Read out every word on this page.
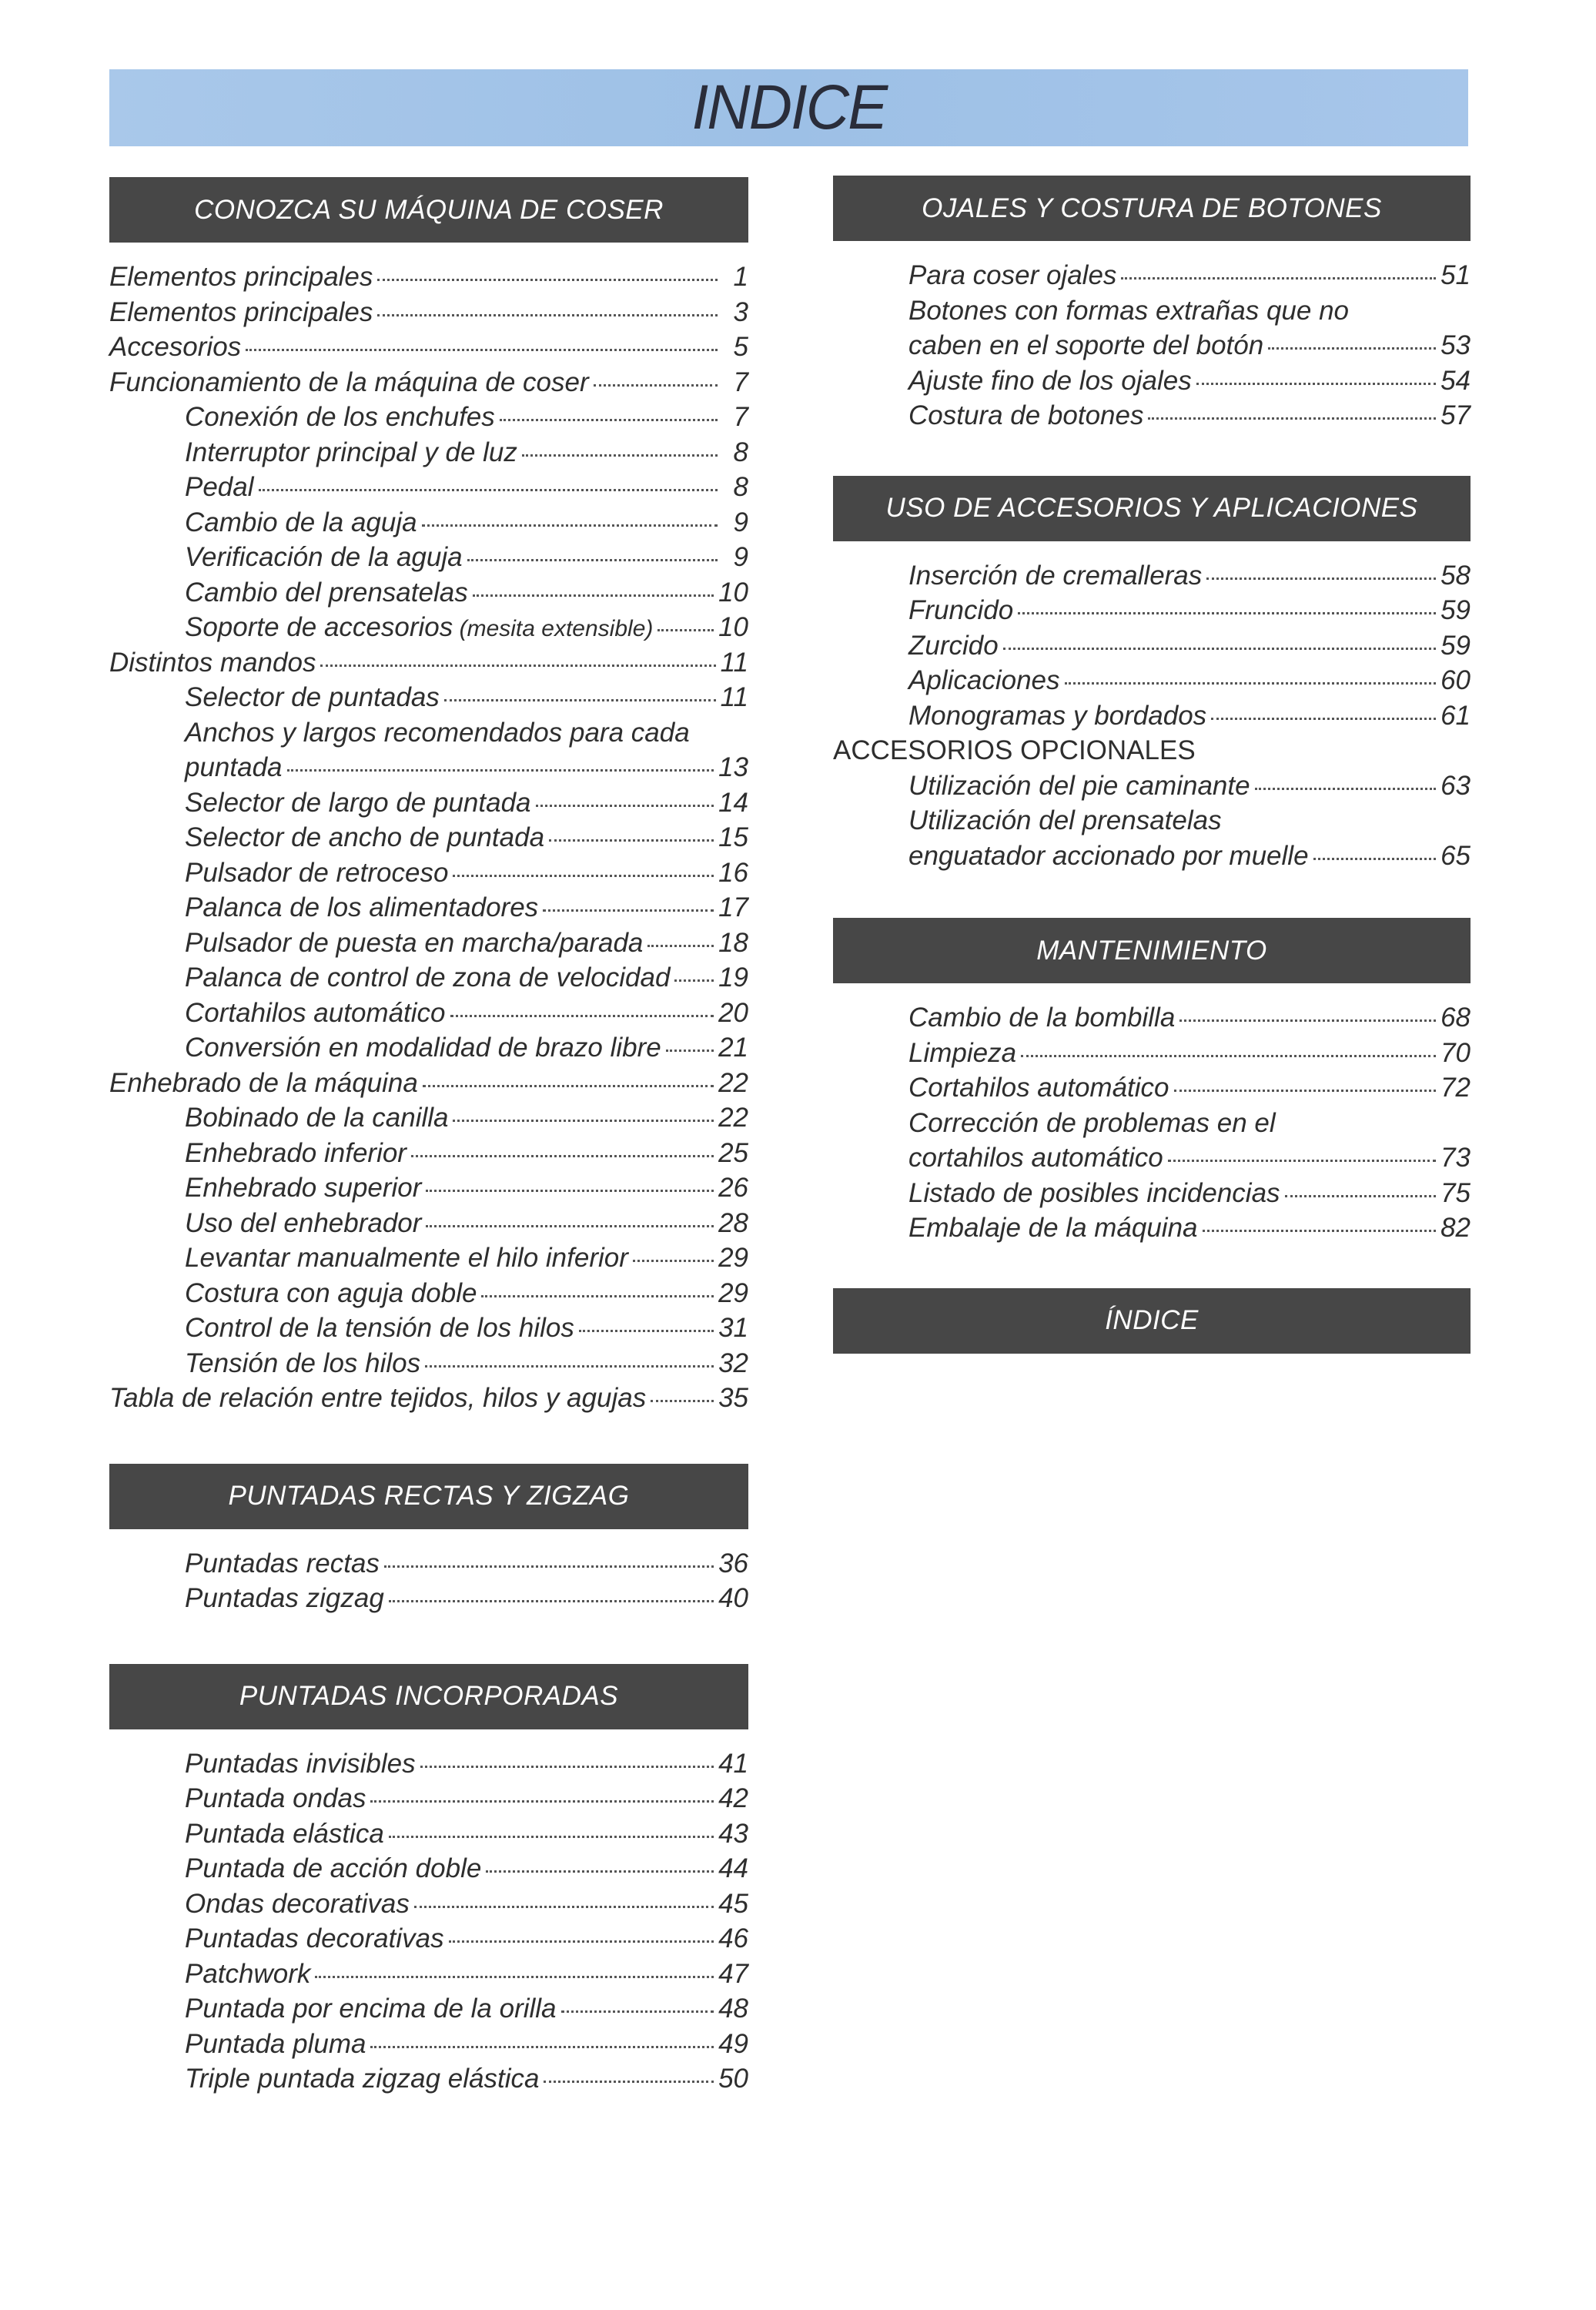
INDICE
CONOZCA SU MÁQUINA DE COSER
Elementos principales	1
Elementos principales	3
Accesorios	5
Funcionamiento de la máquina de coser	7
Conexión de los enchufes	7
Interruptor principal y de luz	8
Pedal	8
Cambio de la aguja	9
Verificación de la aguja	9
Cambio del prensatelas	10
Soporte de accesorios (mesita extensible) 10
Distintos mandos	11
Selector de puntadas	11
Anchos y largos recomendados para cada
puntada	13
Selector de largo de puntada	14
Selector de ancho de puntada	15
Pulsador de retroceso	16
Palanca de los alimentadores	17
Pulsador de puesta en marcha/parada	18
Palanca de control de zona de velocidad 19
Cortahilos automático	20
Conversión en modalidad de brazo libre 21
Enhebrado de la máquina	22
Bobinado de la canilla	22
Enhebrado inferior	25
Enhebrado superior	26
Uso del enhebrador	28
Levantar manualmente el hilo inferior	29
Costura con aguja doble	29
Control de la tensión de los hilos	31
Tensión de los hilos	32
Tabla de relación entre tejidos, hilos y agujas	35
PUNTADAS RECTAS Y ZIGZAG
Puntadas rectas	36
Puntadas zigzag	40
PUNTADAS INCORPORADAS
Puntadas invisibles	41
Puntada ondas	42
Puntada elástica	43
Puntada de acción doble	44
Ondas decorativas	45
Puntadas decorativas	46
Patchwork	47
Puntada por encima de la orilla	48
Puntada pluma	49
Triple puntada zigzag elástica	50
OJALES Y COSTURA DE BOTONES
Para coser ojales	51
Botones con formas extrañas que no
caben en el soporte del botón	53
Ajuste fino de los ojales	54
Costura de botones	57
USO DE ACCESORIOS Y APLICACIONES
Inserción de cremalleras	58
Fruncido	59
Zurcido	59
Aplicaciones	60
Monogramas y bordados	61
ACCESORIOS OPCIONALES
Utilización del pie caminante	63
Utilización del prensatelas
enguatador accionado por muelle	65
MANTENIMIENTO
Cambio de la bombilla	68
Limpieza	70
Cortahilos automático	72
Corrección de problemas en el
cortahilos automático	73
Listado de posibles incidencias	75
Embalaje de la máquina	82
ÍNDICE
